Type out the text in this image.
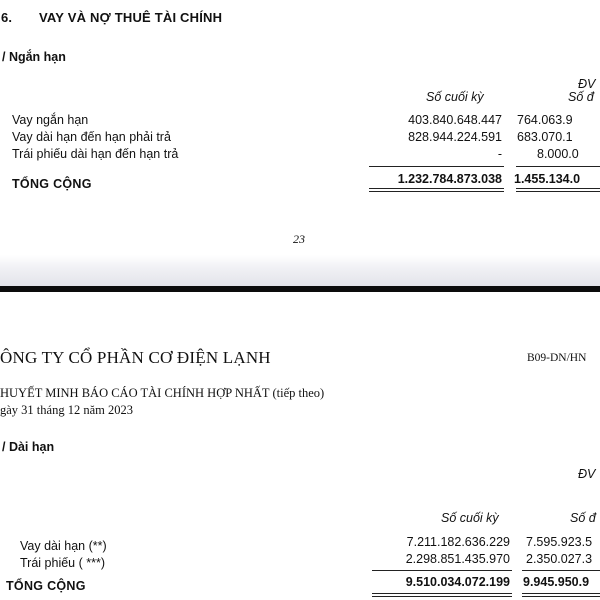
6. VAY VÀ NỢ THUÊ TÀI CHÍNH
/ Ngắn hạn
ĐV
Số cuối kỳ	Số đ
Vay ngắn hạn	403.840.648.447 764.063.9
Vay dài hạn đến hạn phải trả	828.944.224.591 683.070.1
Trái phiếu dài hạn đến hạn trả	-	8.000.0
TỔNG CỘNG	1.232.784.873.038 1.455.134.0
23
ÔNG TY CỔ PHẦN CƠ ĐIỆN LẠNH	B09-DN/HN
HUYẾT MINH BÁO CÁO TÀI CHÍNH HỢP NHẤT (tiếp theo)
gày 31 tháng 12 năm 2023
/ Dài hạn
ĐV
Số cuối kỳ	Số đ
Vay dài hạn (**)	7.211.182.636.229 7.595.923.5
Trái phiếu ( ***)	2.298.851.435.970 2.350.027.3
TỔNG CỘNG	9.510.034.072.199 9.945.950.9
